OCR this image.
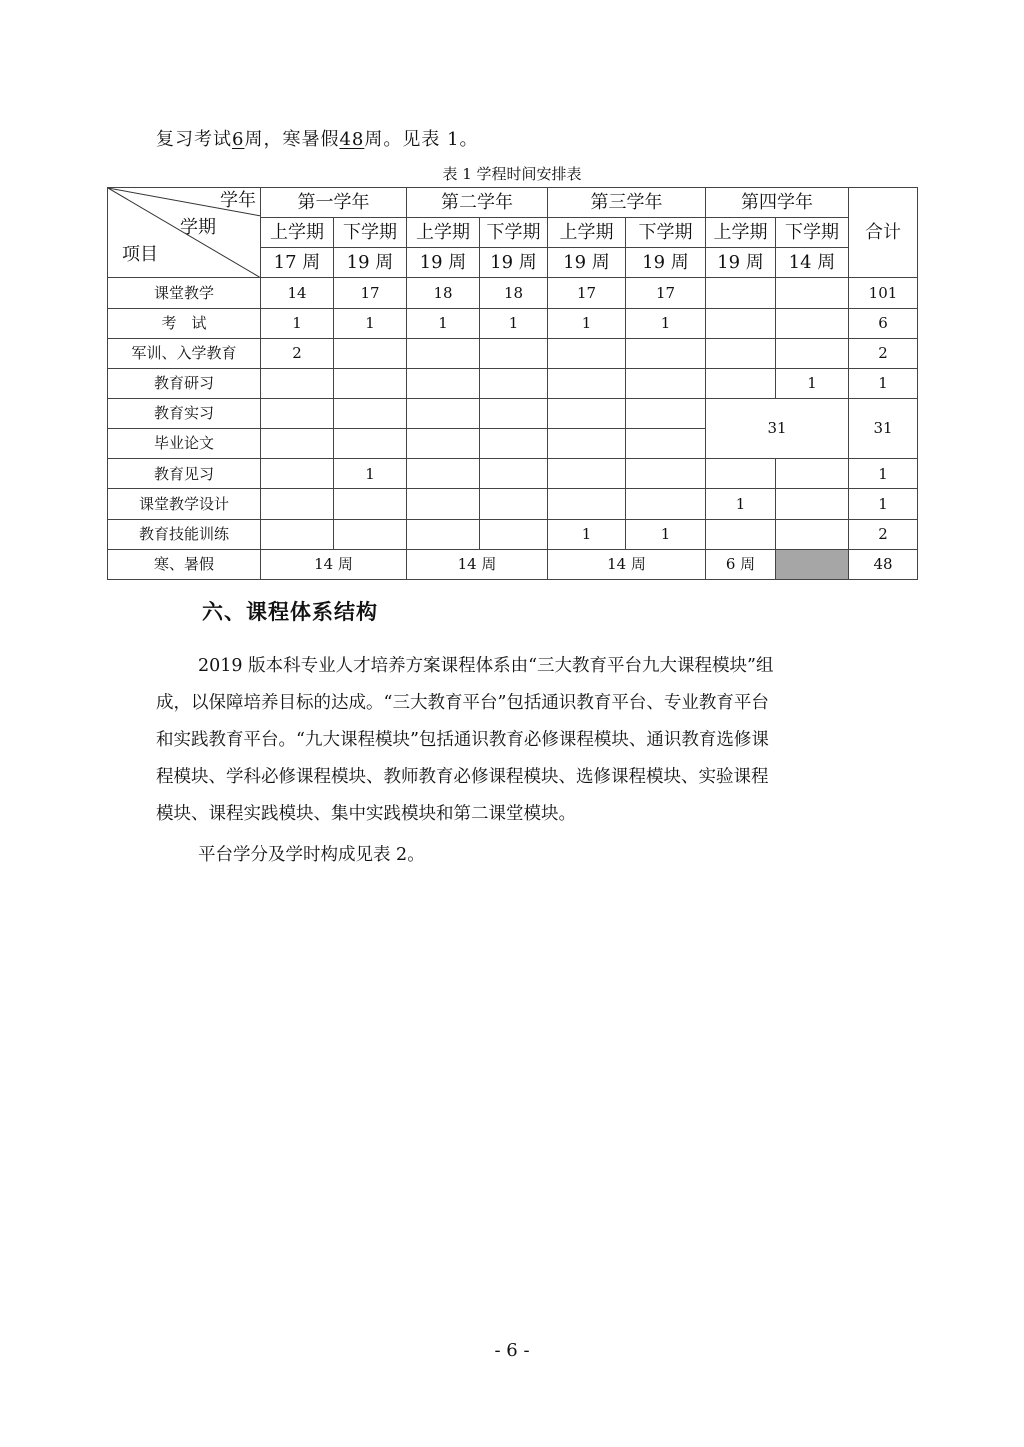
复习考试6周，寒暑假48周。见表 1。
表 1 学程时间安排表
学年
学期
项目	第一学年		第二学年		第三学年		第四学年		合计
	上学期	下学期	上学期	下学期	上学期	下学期	上学期	下学期	
	17 周	19 周	19 周	19 周	19 周	19 周	19 周	14 周	
课堂教学	14	17	18	18	17	17			101
考　试	1	1	1	1	1	1			6
军训、入学教育	2								2
教育研习								1	1
教育实习							31		31
毕业论文									
教育见习		1							1
课堂教学设计							1		1
教育技能训练					1	1			2
寒、暑假	14 周		14 周		14 周		6 周		48
六、课程体系结构
2019 版本科专业人才培养方案课程体系由“三大教育平台九大课程模块”组
成，以保障培养目标的达成。“三大教育平台”包括通识教育平台、专业教育平台
和实践教育平台。“九大课程模块”包括通识教育必修课程模块、通识教育选修课
程模块、学科必修课程模块、教师教育必修课程模块、选修课程模块、实验课程
模块、课程实践模块、集中实践模块和第二课堂模块。
平台学分及学时构成见表 2。
- 6 -
